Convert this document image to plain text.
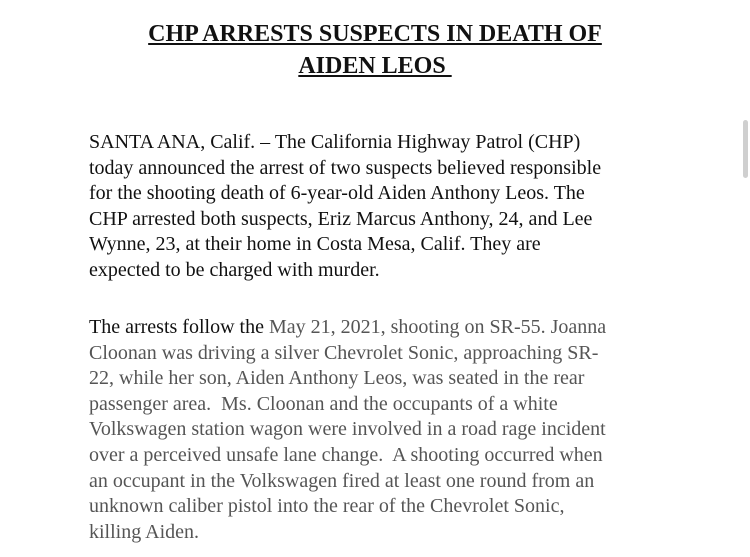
CHP ARRESTS SUSPECTS IN DEATH OF
AIDEN LEOS
SANTA ANA, Calif. – The California Highway Patrol (CHP)
today announced the arrest of two suspects believed responsible
for the shooting death of 6-year-old Aiden Anthony Leos. The
CHP arrested both suspects, Eriz Marcus Anthony, 24, and Lee
Wynne, 23, at their home in Costa Mesa, Calif. They are
expected to be charged with murder.
The arrests follow the May 21, 2021, shooting on SR-55. Joanna
Cloonan was driving a silver Chevrolet Sonic, approaching SR-
22, while her son, Aiden Anthony Leos, was seated in the rear
passenger area.  Ms. Cloonan and the occupants of a white
Volkswagen station wagon were involved in a road rage incident
over a perceived unsafe lane change.  A shooting occurred when
an occupant in the Volkswagen fired at least one round from an
unknown caliber pistol into the rear of the Chevrolet Sonic,
killing Aiden.
